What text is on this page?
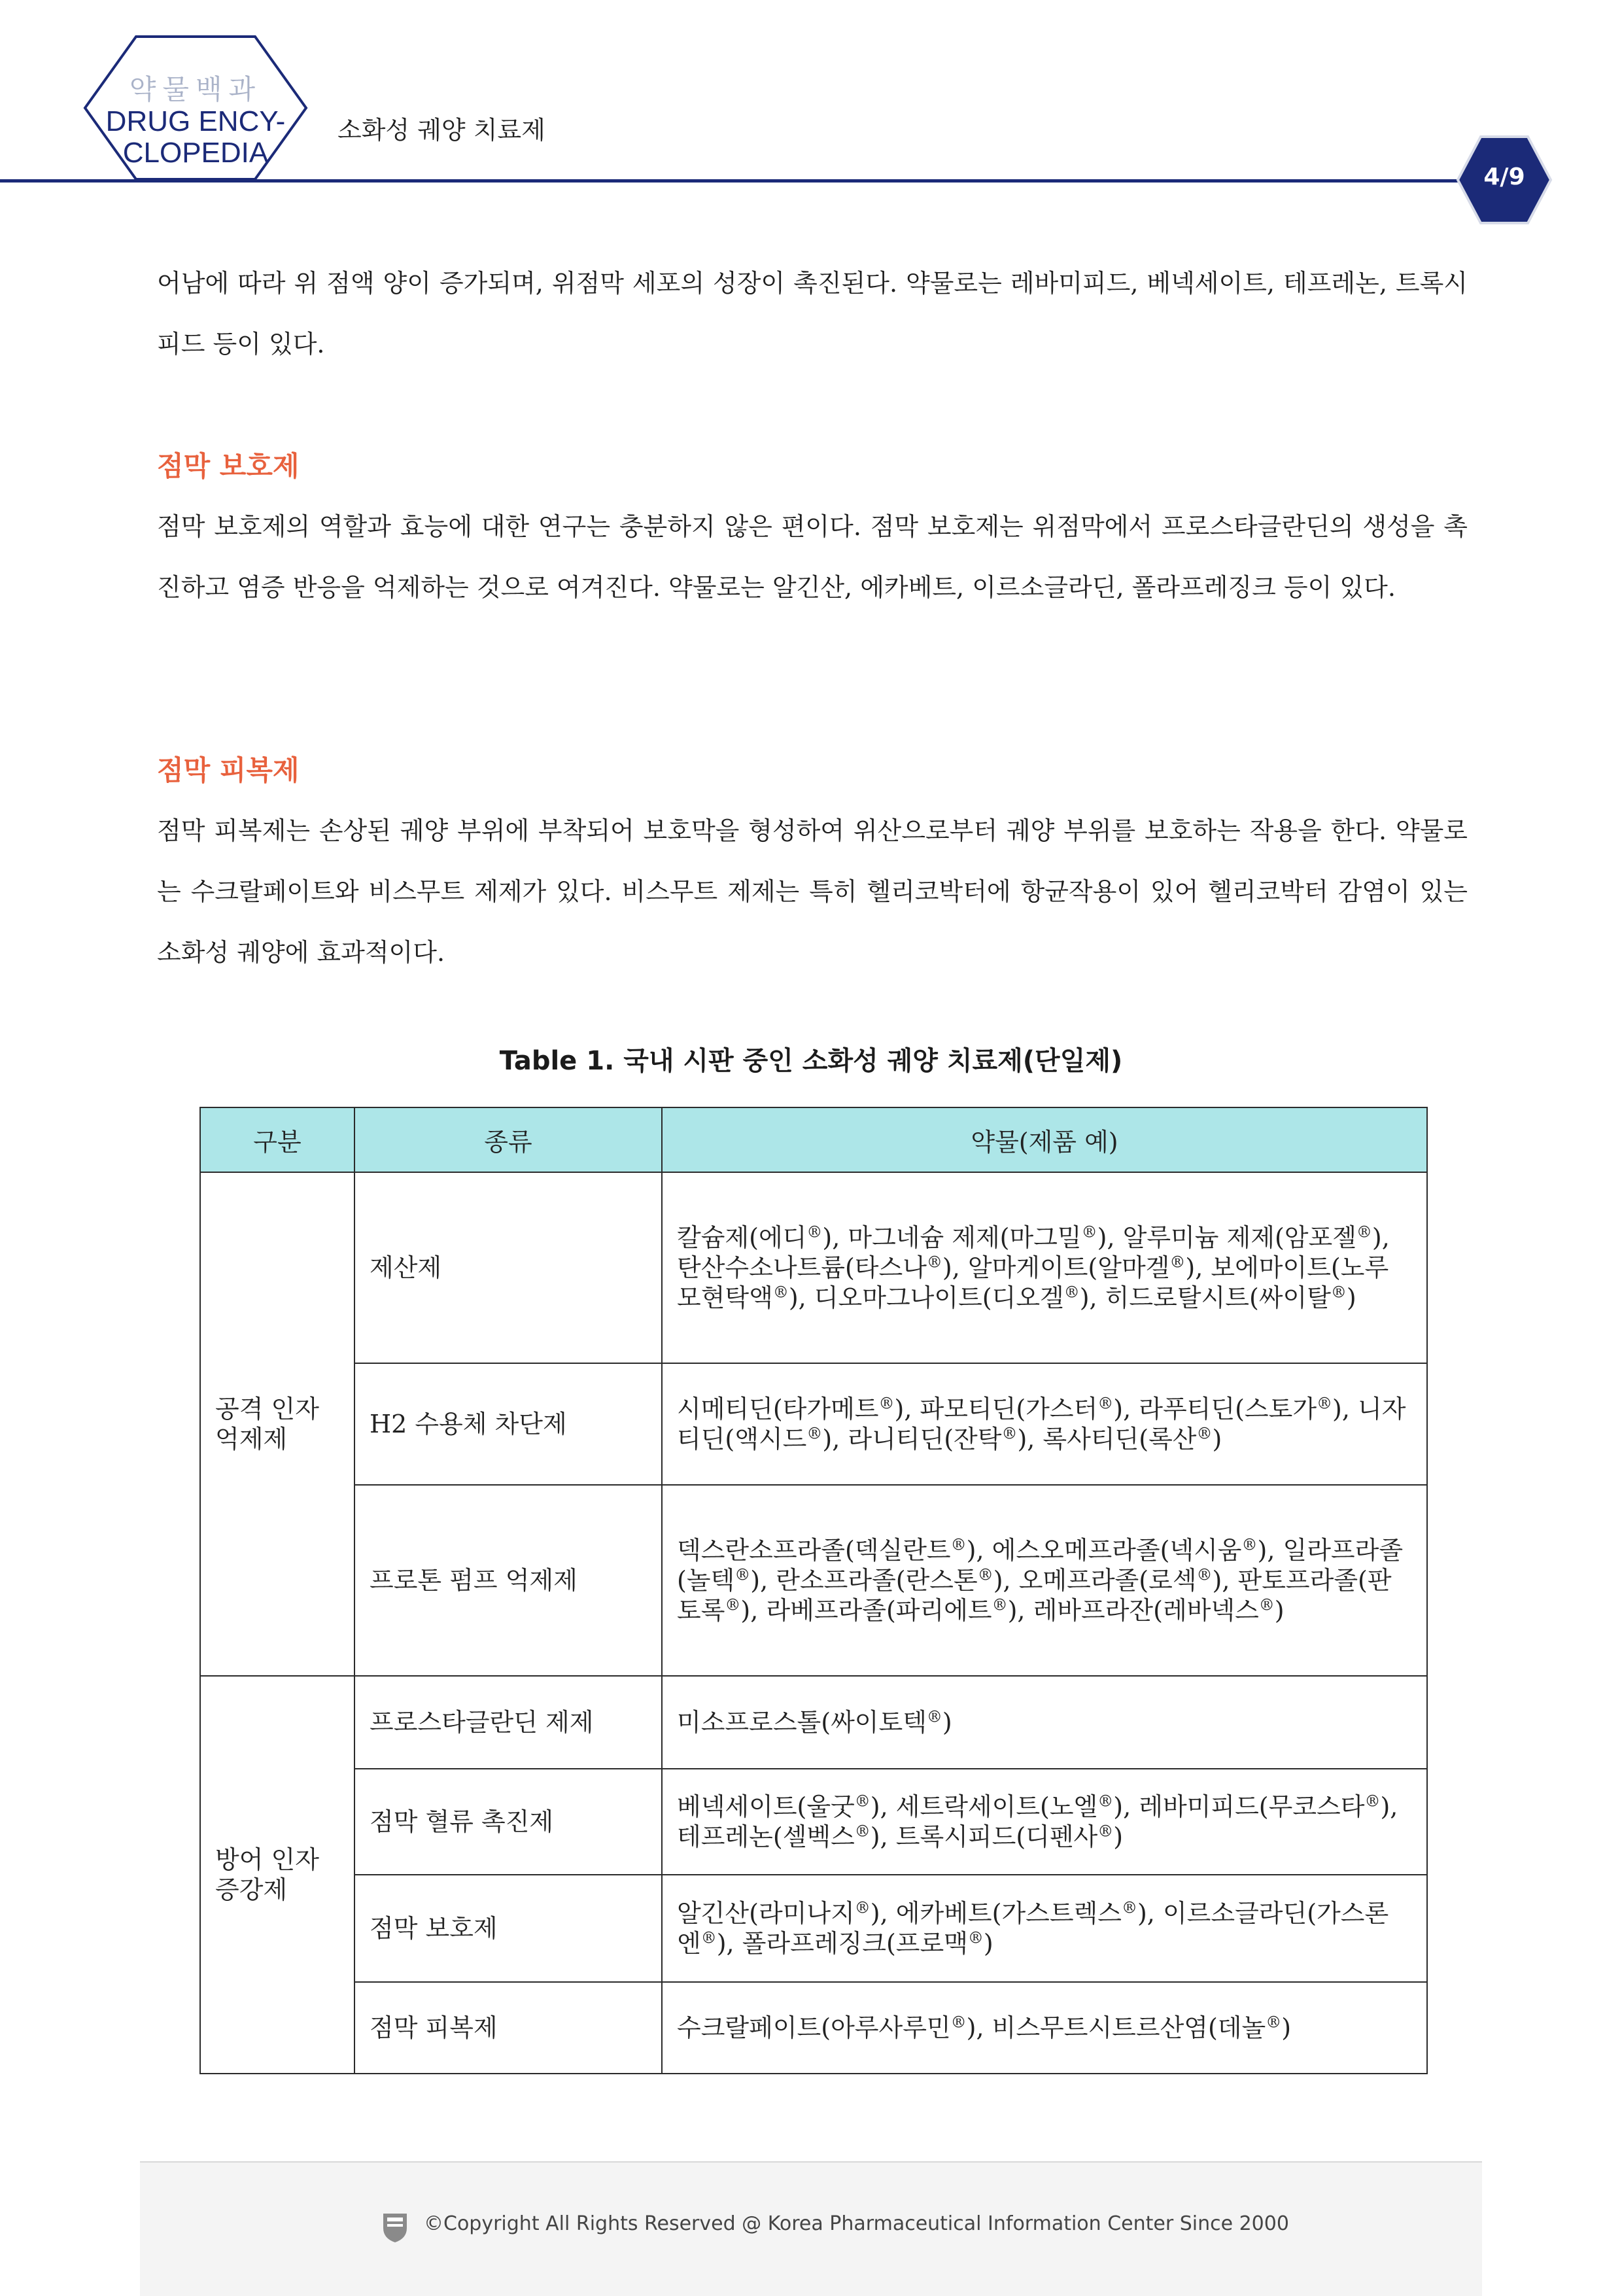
약물백과
DRUG ENCY-
CLOPEDIA
소화성 궤양 치료제
4/9

어남에 따라 위 점액 양이 증가되며, 위점막 세포의 성장이 촉진된다. 약물로는 레바미피드, 베넥세이트, 테프레논, 트록시피드 등이 있다.

점막 보호제

점막 보호제의 역할과 효능에 대한 연구는 충분하지 않은 편이다. 점막 보호제는 위점막에서 프로스타글란딘의 생성을 촉진하고 염증 반응을 억제하는 것으로 여겨진다. 약물로는 알긴산, 에카베트, 이르소글라딘, 폴라프레징크 등이 있다.

점막 피복제

점막 피복제는 손상된 궤양 부위에 부착되어 보호막을 형성하여 위산으로부터 궤양 부위를 보호하는 작용을 한다. 약물로는 수크랄페이트와 비스무트 제제가 있다. 비스무트 제제는 특히 헬리코박터에 항균작용이 있어 헬리코박터 감염이 있는 소화성 궤양에 효과적이다.

Table 1. 국내 시판 중인 소화성 궤양 치료제(단일제)
구분	종류	약물(제품 예)
공격 인자 억제제	제산제	칼슘제(에디®), 마그네슘 제제(마그밀®), 알루미늄 제제(암포젤®), 탄산수소나트륨(타스나®), 알마게이트(알마겔®), 보에마이트(노루모현탁액®), 디오마그나이트(디오겔®), 히드로탈시트(싸이탈®)
	H2 수용체 차단제	시메티딘(타가메트®), 파모티딘(가스터®), 라푸티딘(스토가®), 니자티딘(액시드®), 라니티딘(잔탁®), 록사티딘(록산®)
	프로톤 펌프 억제제	덱스란소프라졸(덱실란트®), 에스오메프라졸(넥시움®), 일라프라졸(놀텍®), 란소프라졸(란스톤®), 오메프라졸(로섹®), 판토프라졸(판토록®), 라베프라졸(파리에트®), 레바프라잔(레바넥스®)
방어 인자 증강제	프로스타글란딘 제제	미소프로스톨(싸이토텍®)
	점막 혈류 촉진제	베넥세이트(울굿®), 세트락세이트(노엘®), 레바미피드(무코스타®), 테프레논(셀벡스®), 트록시피드(디펜사®)
	점막 보호제	알긴산(라미나지®), 에카베트(가스트렉스®), 이르소글라딘(가스론엔®), 폴라프레징크(프로맥®)
	점막 피복제	수크랄페이트(아루사루민®), 비스무트시트르산염(데놀®)
©Copyright All Rights Reserved @ Korea Pharmaceutical Information Center Since 2000
